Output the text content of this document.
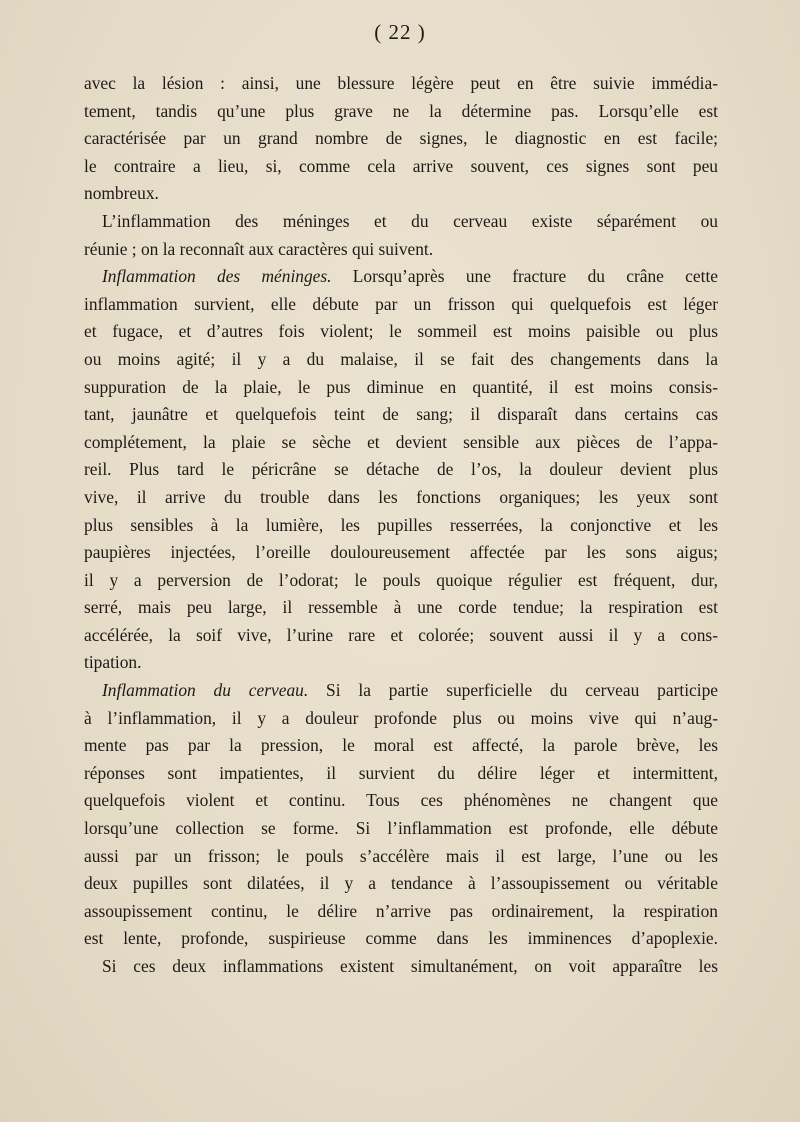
( 22 )
avec la lésion : ainsi, une blessure légère peut en être suivie immédia-
tement, tandis qu’une plus grave ne la détermine pas. Lorsqu’elle est
caractérisée par un grand nombre de signes, le diagnostic en est facile;
le contraire a lieu, si, comme cela arrive souvent, ces signes sont peu
nombreux.
L’inflammation des méninges et du cerveau existe séparément ou
réunie ; on la reconnaît aux caractères qui suivent.
Inflammation des méninges. Lorsqu’après une fracture du crâne cette
inflammation survient, elle débute par un frisson qui quelquefois est léger
et fugace, et d’autres fois violent; le sommeil est moins paisible ou plus
ou moins agité; il y a du malaise, il se fait des changements dans la
suppuration de la plaie, le pus diminue en quantité, il est moins consis-
tant, jaunâtre et quelquefois teint de sang; il disparaît dans certains cas
complétement, la plaie se sèche et devient sensible aux pièces de l’appa-
reil. Plus tard le péricrâne se détache de l’os, la douleur devient plus
vive, il arrive du trouble dans les fonctions organiques; les yeux sont
plus sensibles à la lumière, les pupilles resserrées, la conjonctive et les
paupières injectées, l’oreille douloureusement affectée par les sons aigus;
il y a perversion de l’odorat; le pouls quoique régulier est fréquent, dur,
serré, mais peu large, il ressemble à une corde tendue; la respiration est
accélérée, la soif vive, l’urine rare et colorée; souvent aussi il y a cons-
tipation.
Inflammation du cerveau. Si la partie superficielle du cerveau participe
à l’inflammation, il y a douleur profonde plus ou moins vive qui n’aug-
mente pas par la pression, le moral est affecté, la parole brève, les
réponses sont impatientes, il survient du délire léger et intermittent,
quelquefois violent et continu. Tous ces phénomènes ne changent que
lorsqu’une collection se forme. Si l’inflammation est profonde, elle débute
aussi par un frisson; le pouls s’accélère mais il est large, l’une ou les
deux pupilles sont dilatées, il y a tendance à l’assoupissement ou véritable
assoupissement continu, le délire n’arrive pas ordinairement, la respiration
est lente, profonde, suspirieuse comme dans les imminences d’apoplexie.
Si ces deux inflammations existent simultanément, on voit apparaître les
